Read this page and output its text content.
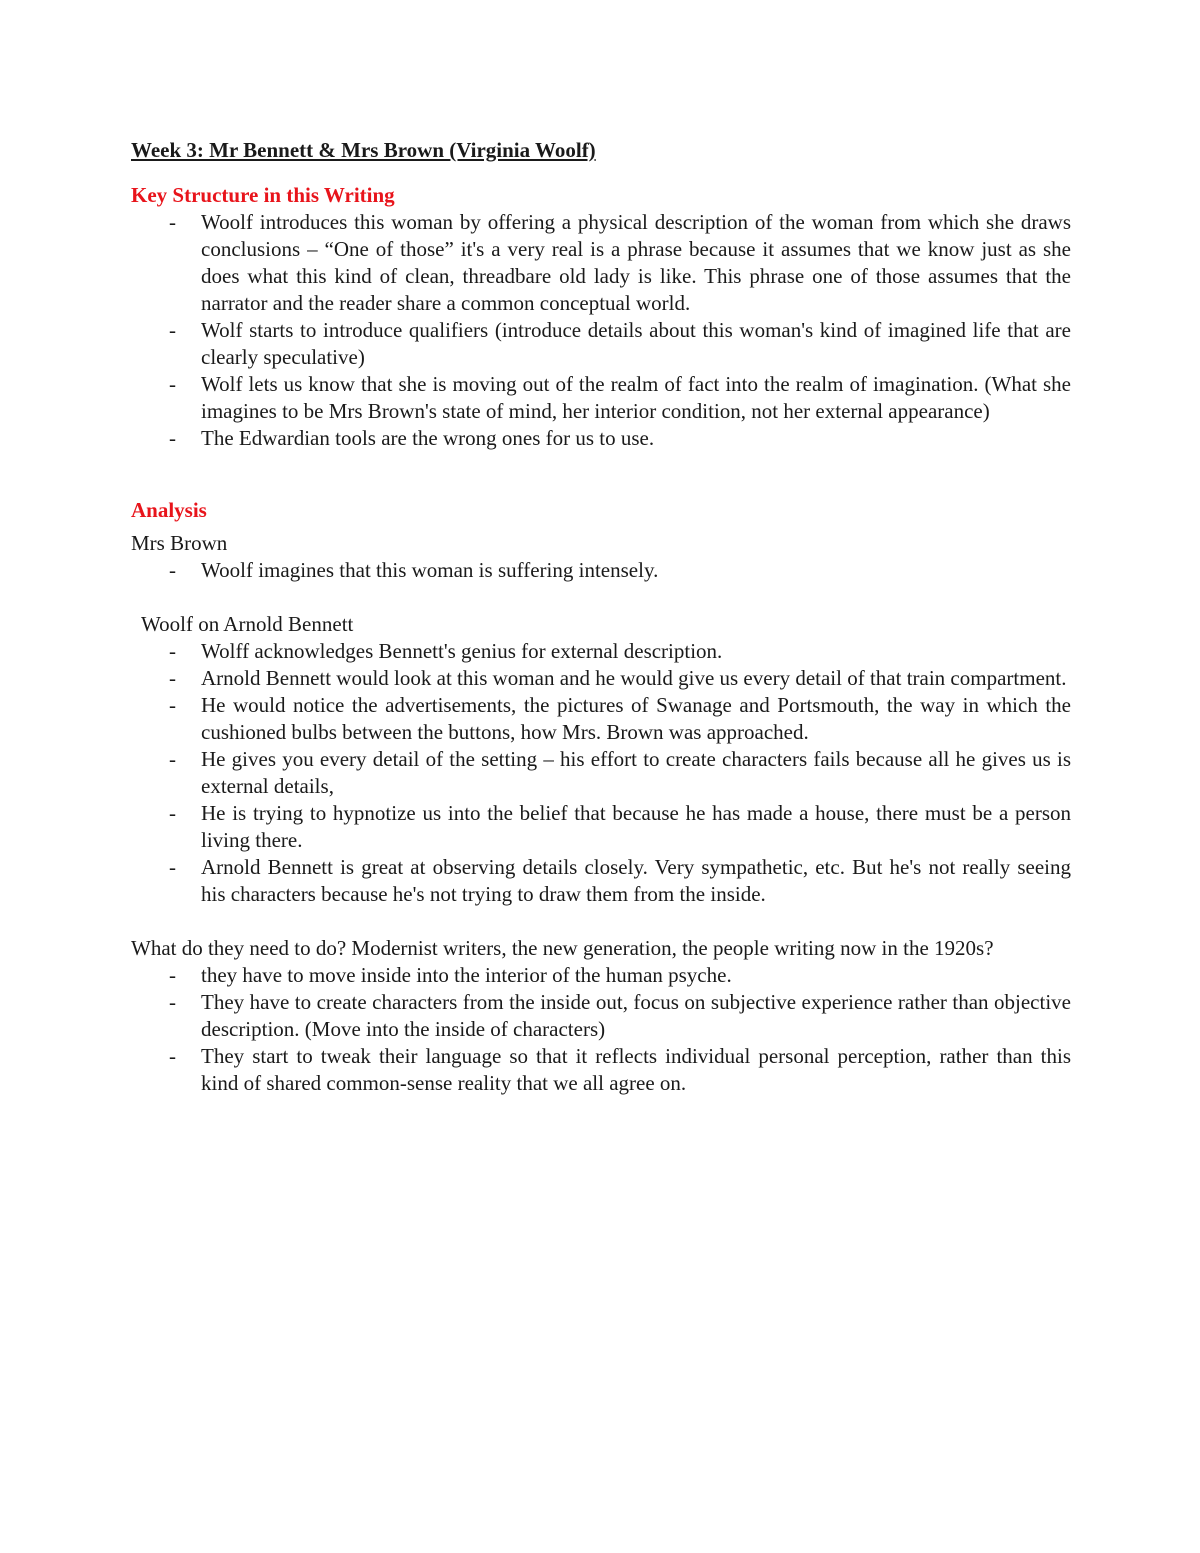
Week 3: Mr Bennett & Mrs Brown (Virginia Woolf)
Key Structure in this Writing
- Woolf introduces this woman by offering a physical description of the woman from which she draws conclusions – “One of those” it's a very real is a phrase because it assumes that we know just as she does what this kind of clean, threadbare old lady is like. This phrase one of those assumes that the narrator and the reader share a common conceptual world.
- Wolf starts to introduce qualifiers (introduce details about this woman's kind of imagined life that are clearly speculative)
- Wolf lets us know that she is moving out of the realm of fact into the realm of imagination. (What she imagines to be Mrs Brown's state of mind, her interior condition, not her external appearance)
- The Edwardian tools are the wrong ones for us to use.
Analysis

Mrs Brown

- Woolf imagines that this woman is suffering intensely.

Woolf on Arnold Bennett

- Wolff acknowledges Bennett's genius for external description.
- Arnold Bennett would look at this woman and he would give us every detail of that train compartment.
- He would notice the advertisements, the pictures of Swanage and Portsmouth, the way in which the cushioned bulbs between the buttons, how Mrs. Brown was approached.
- He gives you every detail of the setting – his effort to create characters fails because all he gives us is external details,
- He is trying to hypnotize us into the belief that because he has made a house, there must be a person living there.
- Arnold Bennett is great at observing details closely. Very sympathetic, etc. But he's not really seeing his characters because he's not trying to draw them from the inside.

What do they need to do? Modernist writers, the new generation, the people writing now in the 1920s?

- they have to move inside into the interior of the human psyche.
- They have to create characters from the inside out, focus on subjective experience rather than objective description. (Move into the inside of characters)
- They start to tweak their language so that it reflects individual personal perception, rather than this kind of shared common-sense reality that we all agree on.
